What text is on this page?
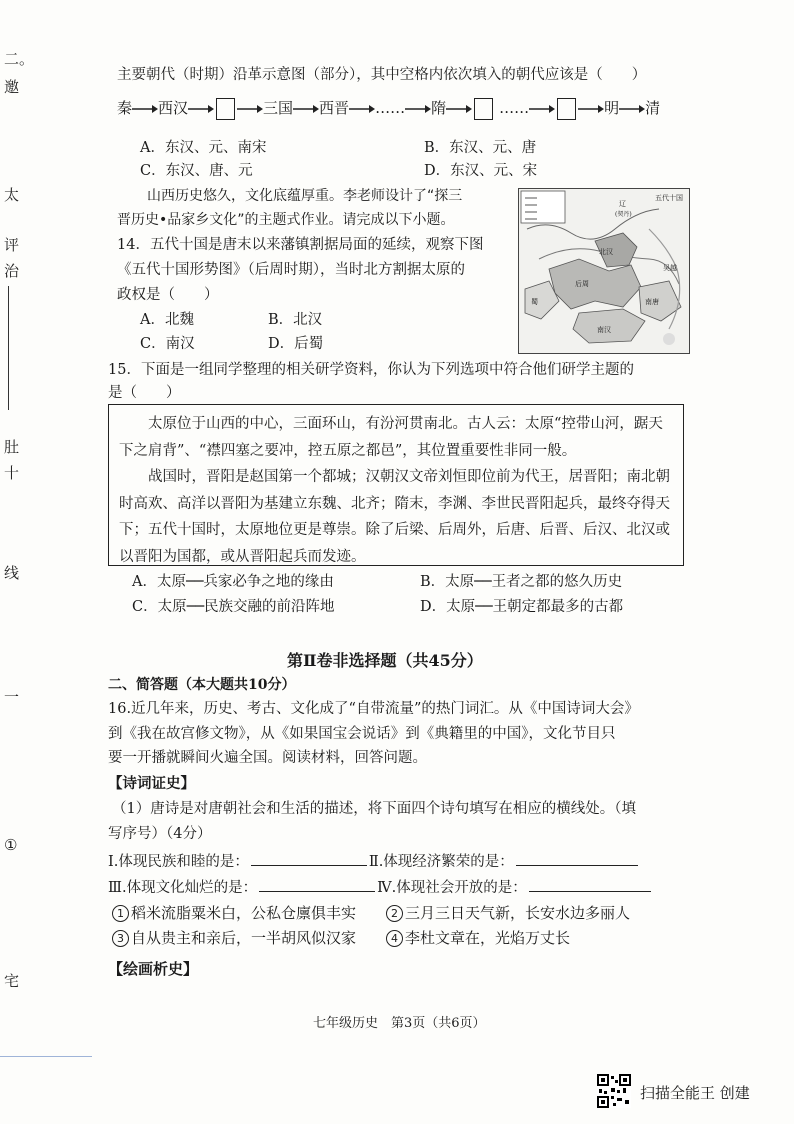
二。
邀
太
评
治
肚
十
线
一
①
宅
主要朝代（时期）沿革示意图（部分），其中空格内依次填入的朝代应该是（　　）
秦 西汉	三国 西晋 …… 隋	……	明 清
A．东汉、元、南宋	B．东汉、元、唐
C．东汉、唐、元	D．东汉、元、宋
山西历史悠久，文化底蕴厚重。李老师设计了“探三
晋历史•品家乡文化”的主题式作业。请完成以下小题。
14．五代十国是唐末以来藩镇割据局面的延续，观察下图
《五代十国形势图》（后周时期），当时北方割据太原的
政权是（　　）
A．北魏	B．北汉
C．南汉	D．后蜀
五代十国
辽
(契丹)
北汉
后周
南唐
南汉
吴越
蜀
15．下面是一组同学整理的相关研学资料，你认为下列选项中符合他们研学主题的
是（　　）

太原位于山西的中心，三面环山，有汾河贯南北。古人云：太原“控带山河，踞天下之肩背”、“襟四塞之要冲，控五原之都邑”，其位置重要性非同一般。

战国时，晋阳是赵国第一个都城；汉朝汉文帝刘恒即位前为代王，居晋阳；南北朝时高欢、高洋以晋阳为基建立东魏、北齐；隋末，李渊、李世民晋阳起兵，最终夺得天下；五代十国时，太原地位更是尊崇。除了后梁、后周外，后唐、后晋、后汉、北汉或以晋阳为国都，或从晋阳起兵而发迹。

A．太原──兵家必争之地的缘由	B．太原──王者之都的悠久历史
C．太原──民族交融的前沿阵地	D．太原──王朝定都最多的古都
第Ⅱ卷非选择题（共45分）
二、简答题（本大题共10分）
16.近几年来，历史、考古、文化成了“自带流量”的热门词汇。从《中国诗词大会》
到《我在故宫修文物》，从《如果国宝会说话》到《典籍里的中国》，文化节目只
要一开播就瞬间火遍全国。阅读材料，回答问题。
【诗词证史】
（1）唐诗是对唐朝社会和生活的描述，将下面四个诗句填写在相应的横线处。（填
写序号）（4分）
Ⅰ.体现民族和睦的是：	Ⅱ.体现经济繁荣的是：
Ⅲ.体现文化灿烂的是：	Ⅳ.体现社会开放的是：
1 稻米流脂粟米白，公私仓廪俱丰实	2 三月三日天气新，长安水边多丽人
3 自从贵主和亲后，一半胡风似汉家	4 李杜文章在，光焰万丈长
【绘画析史】
七年级历史　第3页（共6页）
扫描全能王 创建
